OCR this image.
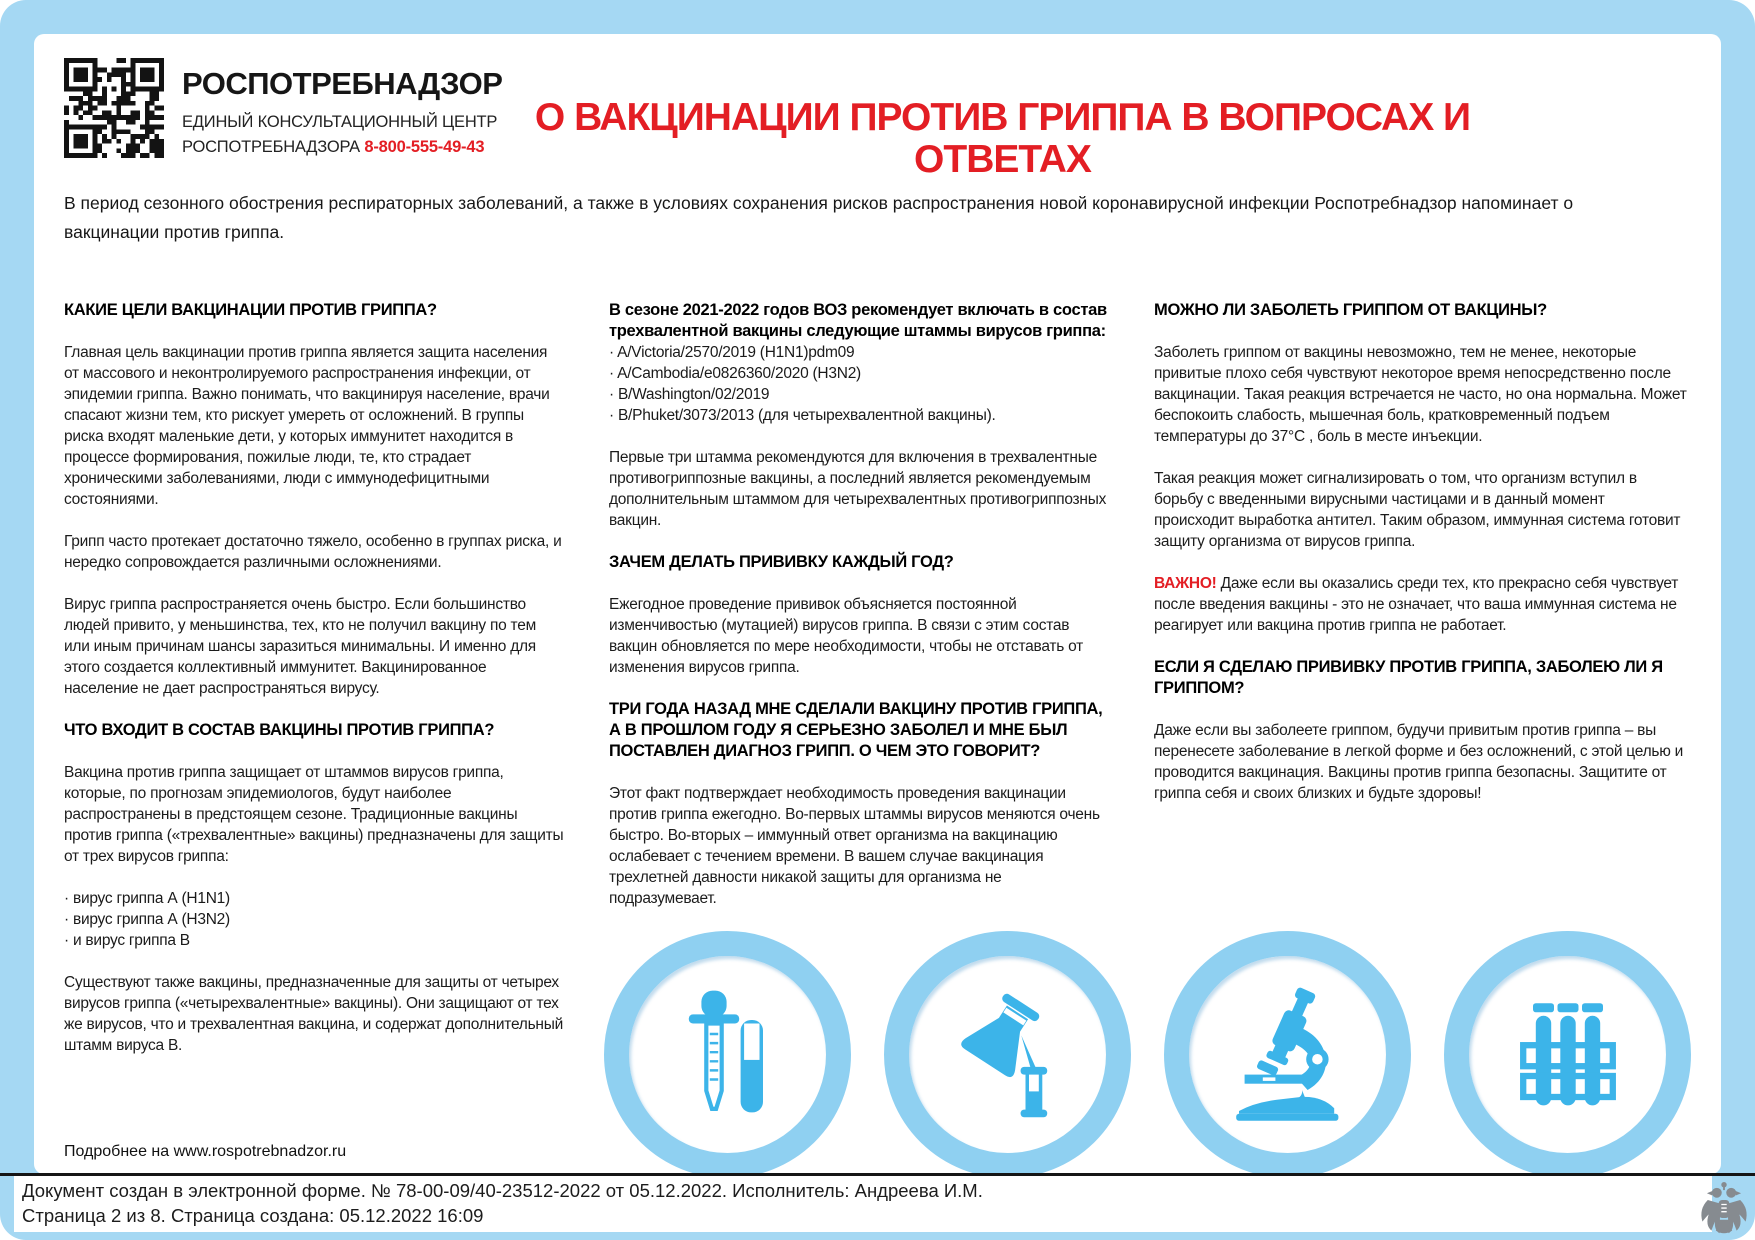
РОСПОТРЕБНАДЗОР
ЕДИНЫЙ КОНСУЛЬТАЦИОННЫЙ ЦЕНТР
РОСПОТРЕБНАДЗОРА 8-800-555-49-43
О ВАКЦИНАЦИИ ПРОТИВ ГРИППА В ВОПРОСАХ И ОТВЕТАХ
В период сезонного обострения респираторных заболеваний, а также в условиях сохранения рисков распространения новой коронавирусной инфекции Роспотребнадзор напоминает о вакцинации против гриппа.
КАКИЕ ЦЕЛИ ВАКЦИНАЦИИ ПРОТИВ ГРИППА?

Главная цель вакцинации против гриппа является защита населения от массового и неконтролируемого распространения инфекции, от эпидемии гриппа. Важно понимать, что вакцинируя население, врачи спасают жизни тем, кто рискует умереть от осложнений. В группы риска входят маленькие дети, у которых иммунитет находится в процессе формирования, пожилые люди, те, кто страдает хроническими заболеваниями, люди с иммунодефицитными состояниями.

Грипп часто протекает достаточно тяжело, особенно в группах риска, и нередко сопровождается различными осложнениями.

Вирус гриппа распространяется очень быстро. Если большинство людей привито, у меньшинства, тех, кто не получил вакцину по тем или иным причинам шансы заразиться минимальны. И именно для этого создается коллективный иммунитет. Вакцинированное население не дает распространяться вирусу.

ЧТО ВХОДИТ В СОСТАВ ВАКЦИНЫ ПРОТИВ ГРИППА?

Вакцина против гриппа защищает от штаммов вирусов гриппа, которые, по прогнозам эпидемиологов, будут наиболее распространены в предстоящем сезоне. Традиционные вакцины против гриппа («трехвалентные» вакцины) предназначены для защиты от трех вирусов гриппа:

· вирус гриппа А (H1N1)
· вирус гриппа А (H3N2)
· и вирус гриппа В

Существуют также вакцины, предназначенные для защиты от четырех вирусов гриппа («четырехвалентные» вакцины). Они защищают от тех же вирусов, что и трехвалентная вакцина, и содержат дополнительный штамм вируса В.

В сезоне 2021-2022 годов ВОЗ рекомендует включать в состав трехвалентной вакцины следующие штаммы вирусов гриппа:
· A/Victoria/2570/2019 (H1N1)pdm09
· A/Cambodia/e0826360/2020 (H3N2)
· B/Washington/02/2019
· B/Phuket/3073/2013 (для четырехвалентной вакцины).

Первые три штамма рекомендуются для включения в трехвалентные противогриппозные вакцины, а последний является рекомендуемым дополнительным штаммом для четырехвалентных противогриппозных вакцин.

ЗАЧЕМ ДЕЛАТЬ ПРИВИВКУ КАЖДЫЙ ГОД?

Ежегодное проведение прививок объясняется постоянной изменчивостью (мутацией) вирусов гриппа. В связи с этим состав вакцин обновляется по мере необходимости, чтобы не отставать от изменения вирусов гриппа.

ТРИ ГОДА НАЗАД МНЕ СДЕЛАЛИ ВАКЦИНУ ПРОТИВ ГРИППА, А В ПРОШЛОМ ГОДУ Я СЕРЬЕЗНО ЗАБОЛЕЛ И МНЕ БЫЛ ПОСТАВЛЕН ДИАГНОЗ ГРИПП. О ЧЕМ ЭТО ГОВОРИТ?

Этот факт подтверждает необходимость проведения вакцинации против гриппа ежегодно. Во-первых штаммы вирусов меняются очень быстро. Во-вторых – иммунный ответ организма на вакцинацию ослабевает с течением времени. В вашем случае вакцинация трехлетней давности никакой защиты для организма не подразумевает.

МОЖНО ЛИ ЗАБОЛЕТЬ ГРИППОМ ОТ ВАКЦИНЫ?

Заболеть гриппом от вакцины невозможно, тем не менее, некоторые привитые плохо себя чувствуют некоторое время непосредственно после вакцинации. Такая реакция встречается не часто, но она нормальна. Может беспокоить слабость, мышечная боль, кратковременный подъем температуры до 37°С , боль в месте инъекции.

Такая реакция может сигнализировать о том, что организм вступил в борьбу с введенными вирусными частицами и в данный момент происходит выработка антител. Таким образом, иммунная система готовит защиту организма от вирусов гриппа.

ВАЖНО! Даже если вы оказались среди тех, кто прекрасно себя чувствует после введения вакцины - это не означает, что ваша иммунная система не реагирует или вакцина против гриппа не работает.

ЕСЛИ Я СДЕЛАЮ ПРИВИВКУ ПРОТИВ ГРИППА, ЗАБОЛЕЮ ЛИ Я ГРИППОМ?

Даже если вы заболеете гриппом, будучи привитым против гриппа – вы перенесете заболевание в легкой форме и без осложнений, с этой целью и проводится вакцинация. Вакцины против гриппа безопасны. Защитите от гриппа себя и своих близких и будьте здоровы!

Подробнее на www.rospotrebnadzor.ru
Документ создан в электронной форме. № 78-00-09/40-23512-2022 от 05.12.2022. Исполнитель: Андреева И.М.
Страница 2 из 8. Страница создана: 05.12.2022 16:09
